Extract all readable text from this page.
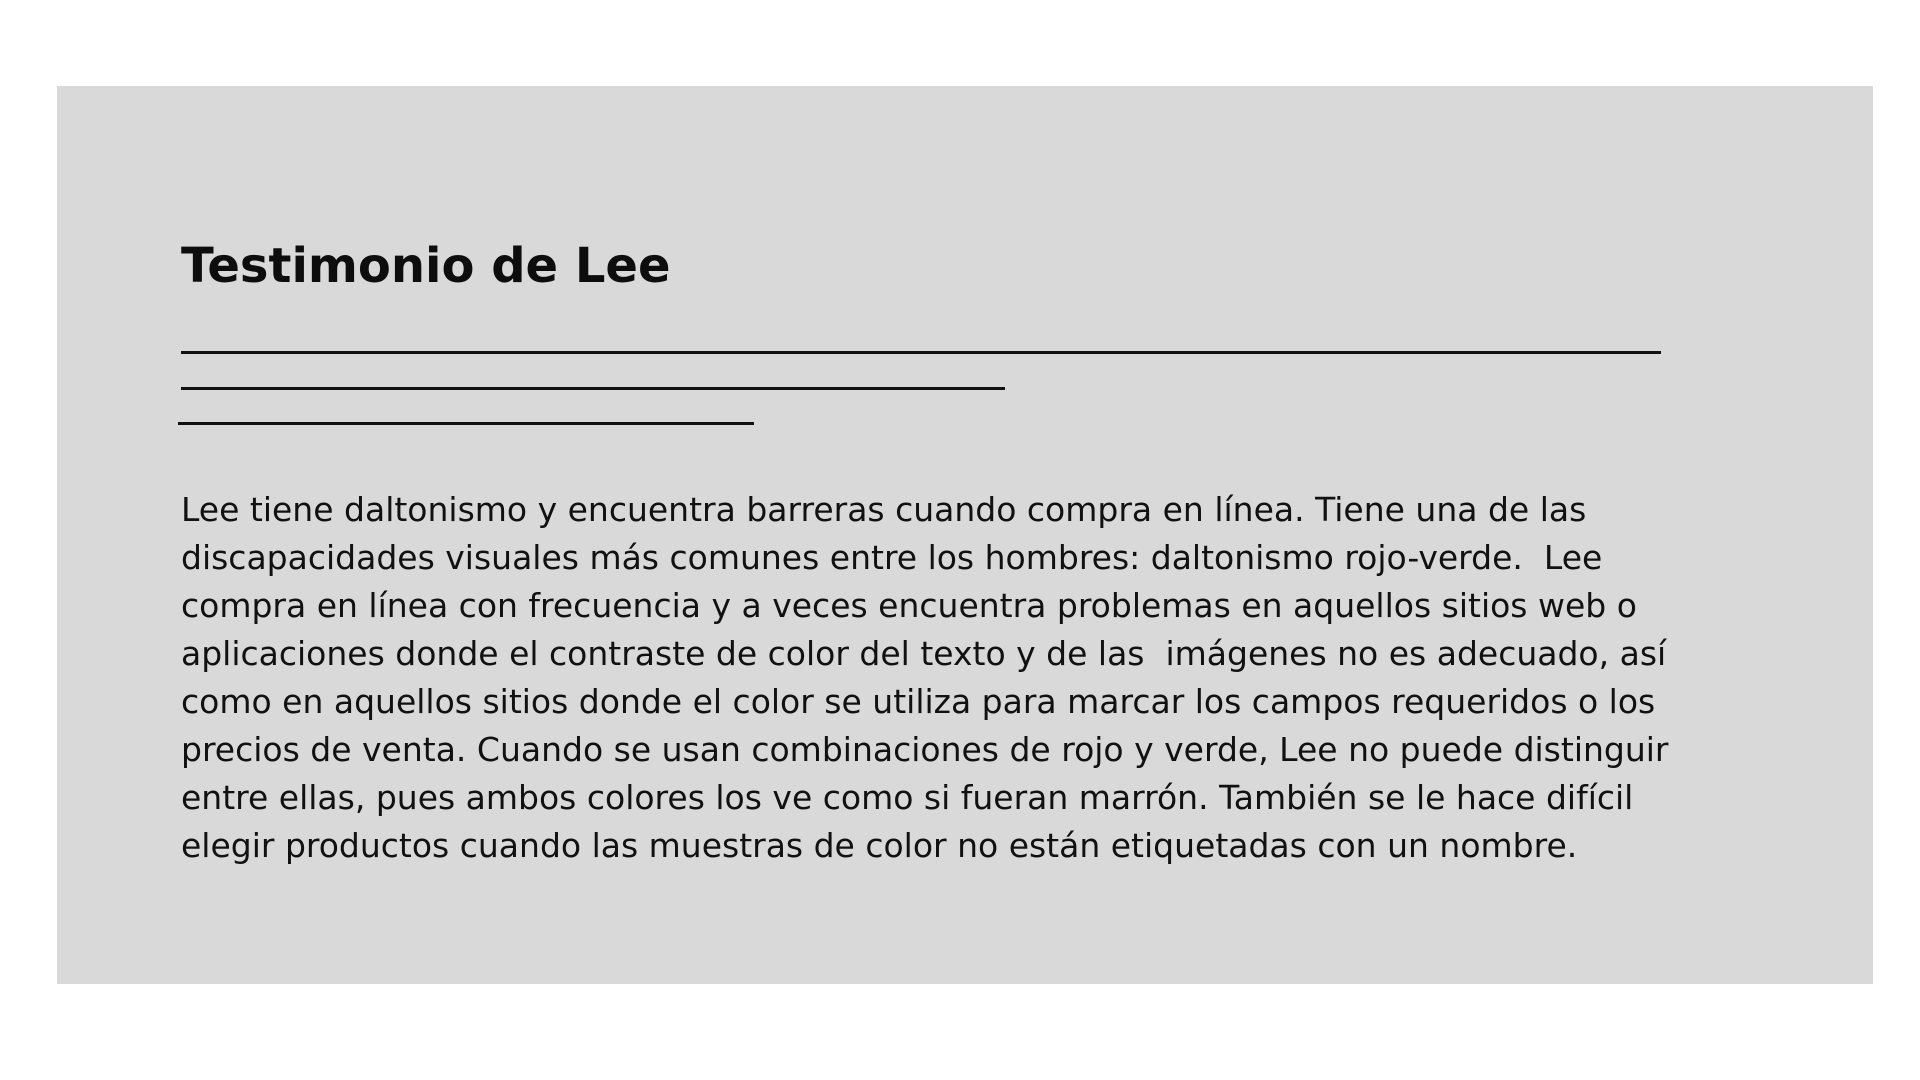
Testimonio de Lee

Lee tiene daltonismo y encuentra barreras cuando compra en línea. Tiene una de las
discapacidades visuales más comunes entre los hombres: daltonismo rojo-verde.  Lee
compra en línea con frecuencia y a veces encuentra problemas en aquellos sitios web o
aplicaciones donde el contraste de color del texto y de las  imágenes no es adecuado, así
como en aquellos sitios donde el color se utiliza para marcar los campos requeridos o los
precios de venta. Cuando se usan combinaciones de rojo y verde, Lee no puede distinguir
entre ellas, pues ambos colores los ve como si fueran marrón. También se le hace difícil
elegir productos cuando las muestras de color no están etiquetadas con un nombre.
